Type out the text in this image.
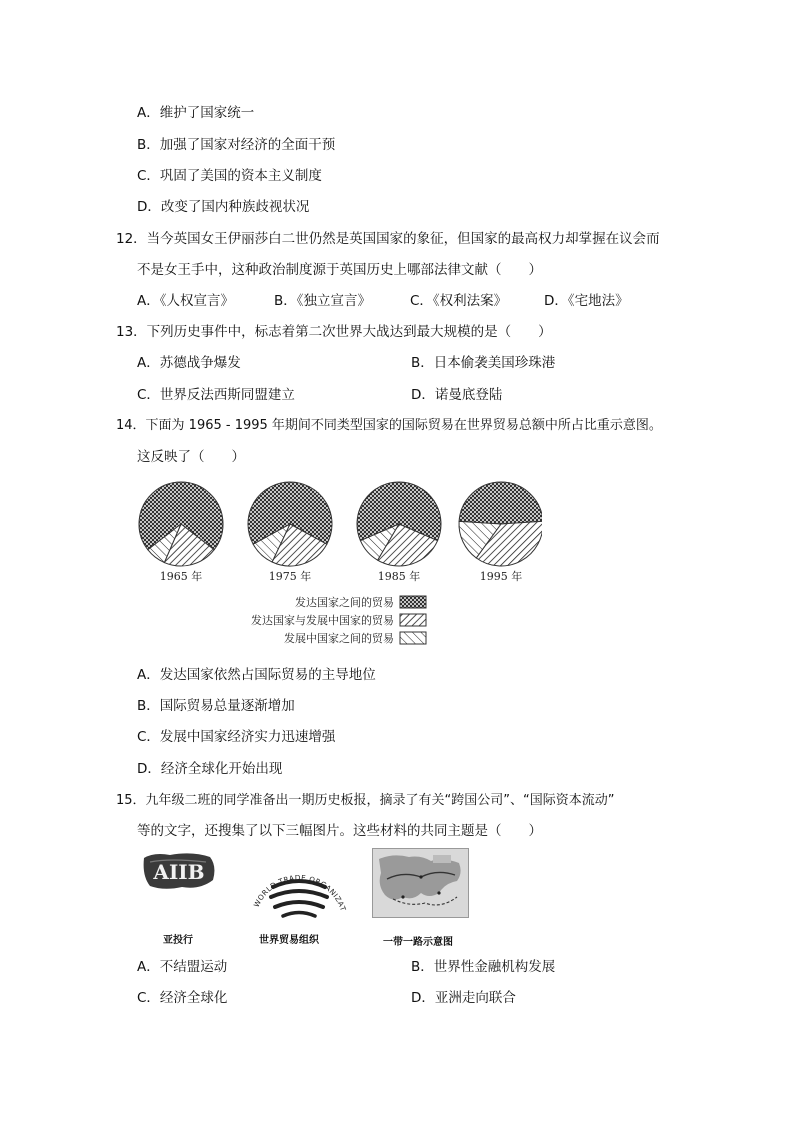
A．维护了国家统一
B．加强了国家对经济的全面干预
C．巩固了美国的资本主义制度
D．改变了国内种族歧视状况
12．当今英国女王伊丽莎白二世仍然是英国国家的象征，但国家的最高权力却掌握在议会而
不是女王手中，这种政治制度源于英国历史上哪部法律文献（　　）
A．《人权宣言》	B．《独立宣言》	C．《权利法案》	D．《宅地法》
13．下列历史事件中，标志着第二次世界大战达到最大规模的是（　　）
A．苏德战争爆发	B．日本偷袭美国珍珠港
C．世界反法西斯同盟建立	D．诺曼底登陆
14．下面为 1965 - 1995 年期间不同类型国家的国际贸易在世界贸易总额中所占比重示意图。
这反映了（　　）
1965 年	1975 年	1985 年	1995 年
发达国家之间的贸易
发达国家与发展中国家的贸易
发展中国家之间的贸易
A．发达国家依然占国际贸易的主导地位
B．国际贸易总量逐渐增加
C．发展中国家经济实力迅速增强
D．经济全球化开始出现
15．九年级二班的同学准备出一期历史板报，摘录了有关“跨国公司”、“国际资本流动”
等的文字，还搜集了以下三幅图片。这些材料的共同主题是（　　）
AIIB
亚投行
WORLD TRADE ORGANIZAT
世界贸易组织	一带一路示意图
A．不结盟运动	B．世界性金融机构发展
C．经济全球化	D．亚洲走向联合
